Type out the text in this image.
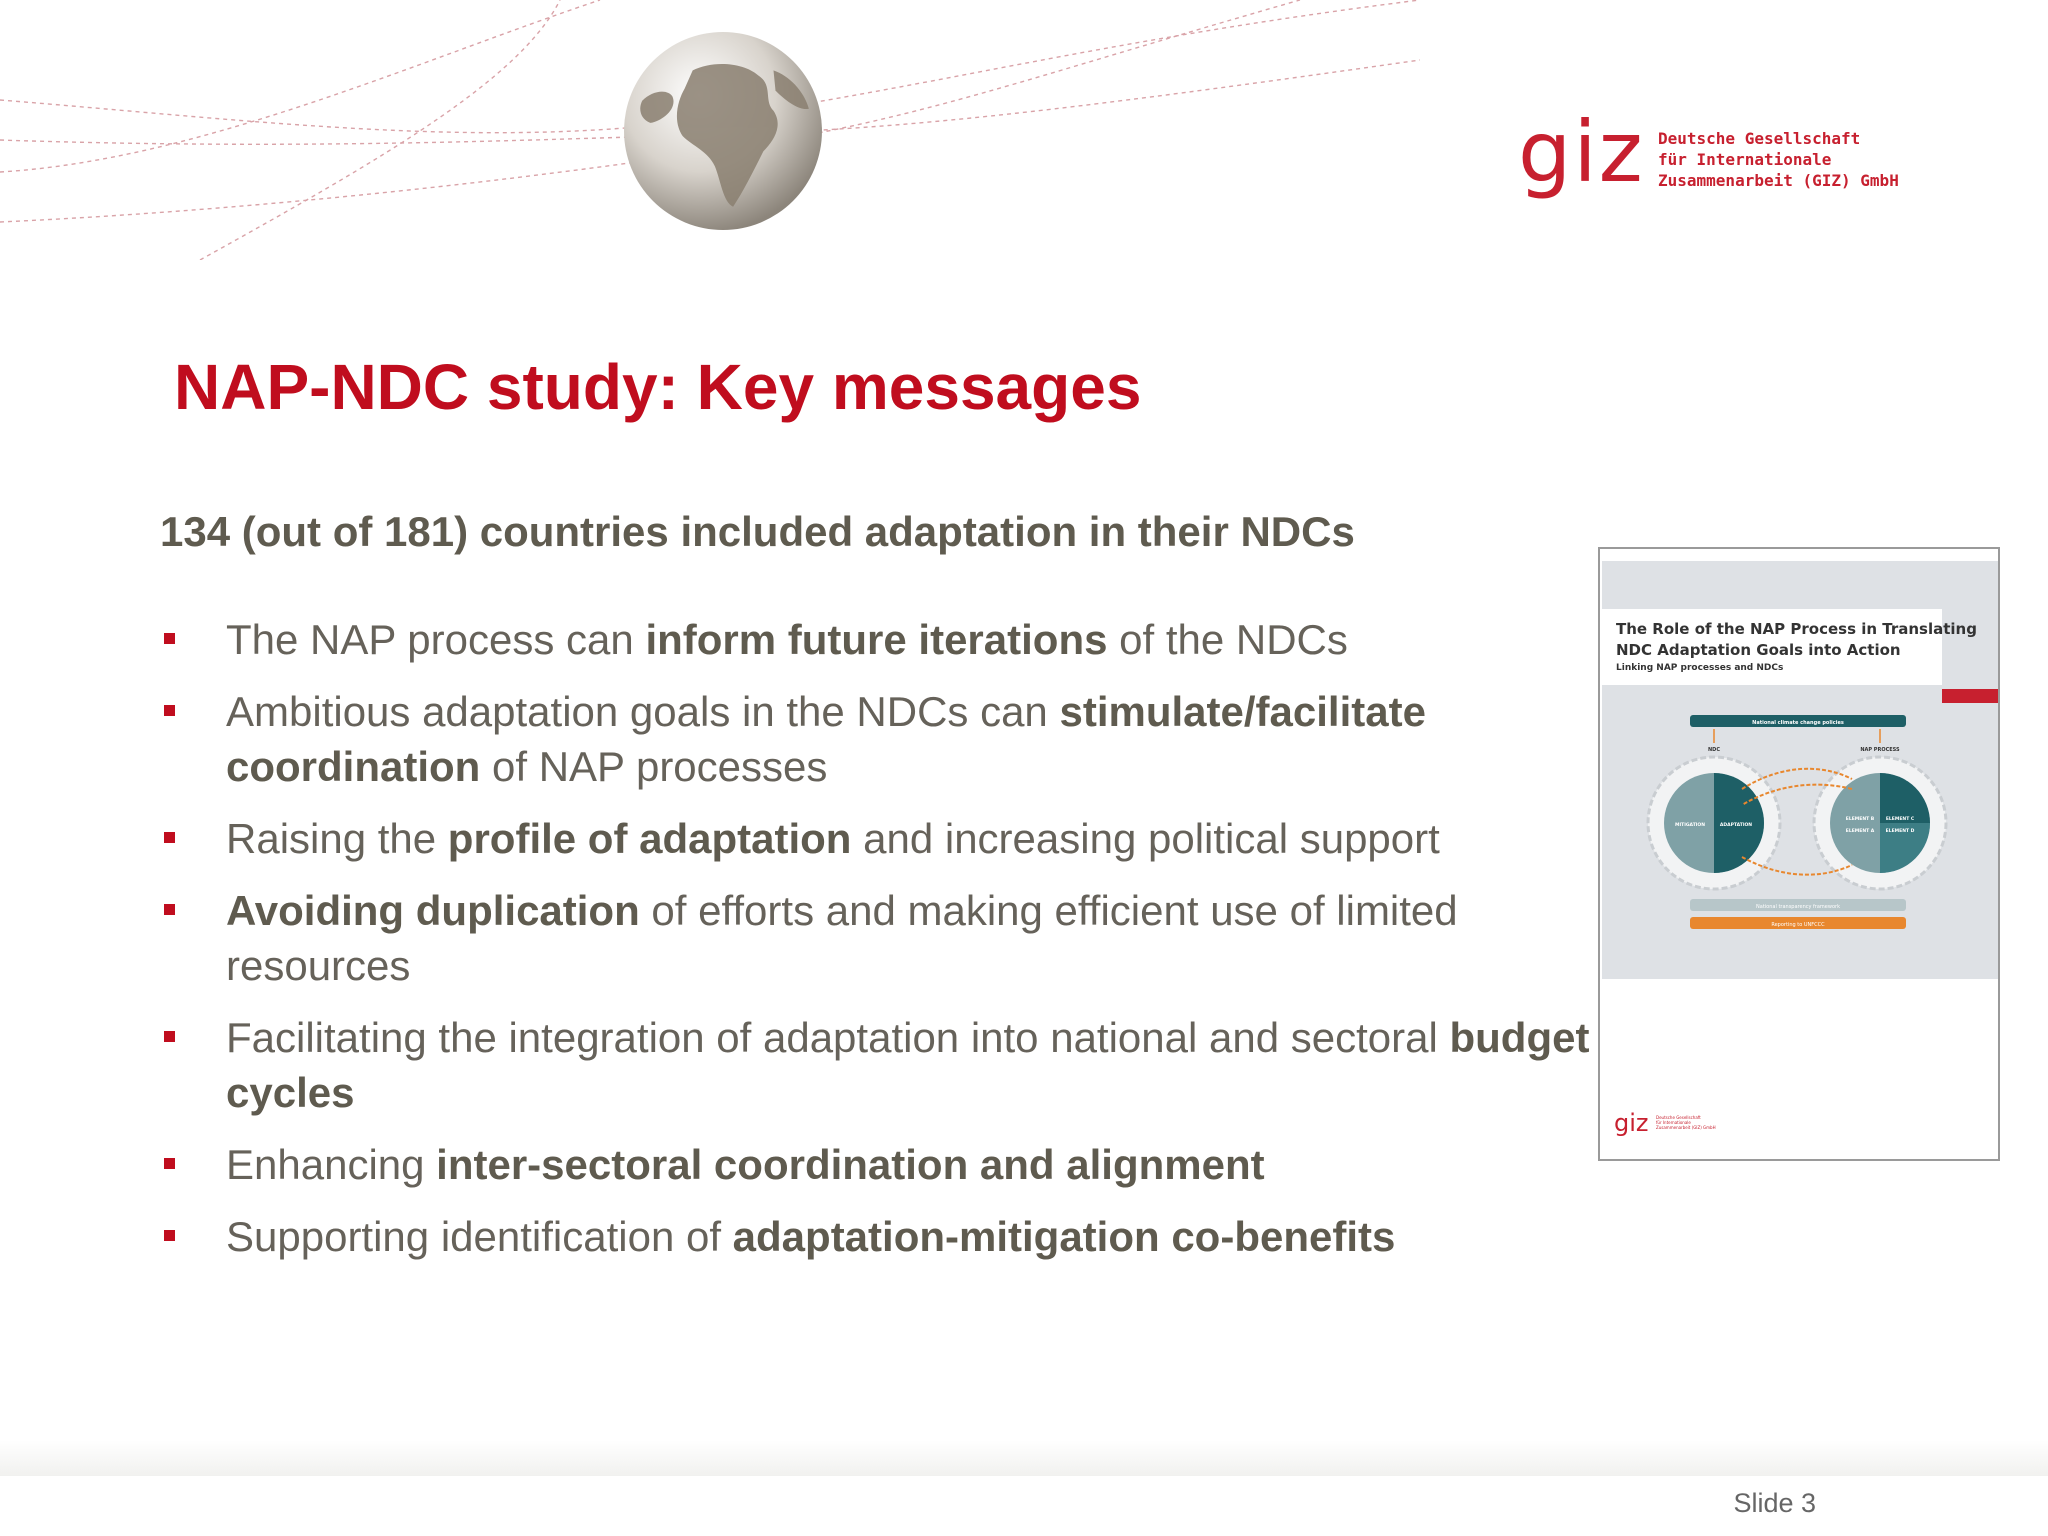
giz Deutsche Gesellschaft
für Internationale
Zusammenarbeit (GIZ) GmbH
NAP-NDC study: Key messages
134 (out of 181) countries included adaptation in their NDCs
The NAP process can inform future iterations of the NDCs
Ambitious adaptation goals in the NDCs can stimulate/facilitate coordination of NAP processes
Raising the profile of adaptation and increasing political support
Avoiding duplication of efforts and making efficient use of limited resources
Facilitating the integration of adaptation into national and sectoral budget cycles
Enhancing inter-sectoral coordination and alignment
Supporting identification of adaptation-mitigation co-benefits
The Role of the NAP Process in Translating
NDC Adaptation Goals into Action
Linking NAP processes and NDCs
National climate change policies
NDC	NAP PROCESS
MITIGATION	ADAPTATION
ELEMENT B	ELEMENT C
ELEMENT A	ELEMENT D
National transparency framework
Reporting to UNFCCC
giz Deutsche Gesellschaft
für Internationale
Zusammenarbeit (GIZ) GmbH
Slide 3
